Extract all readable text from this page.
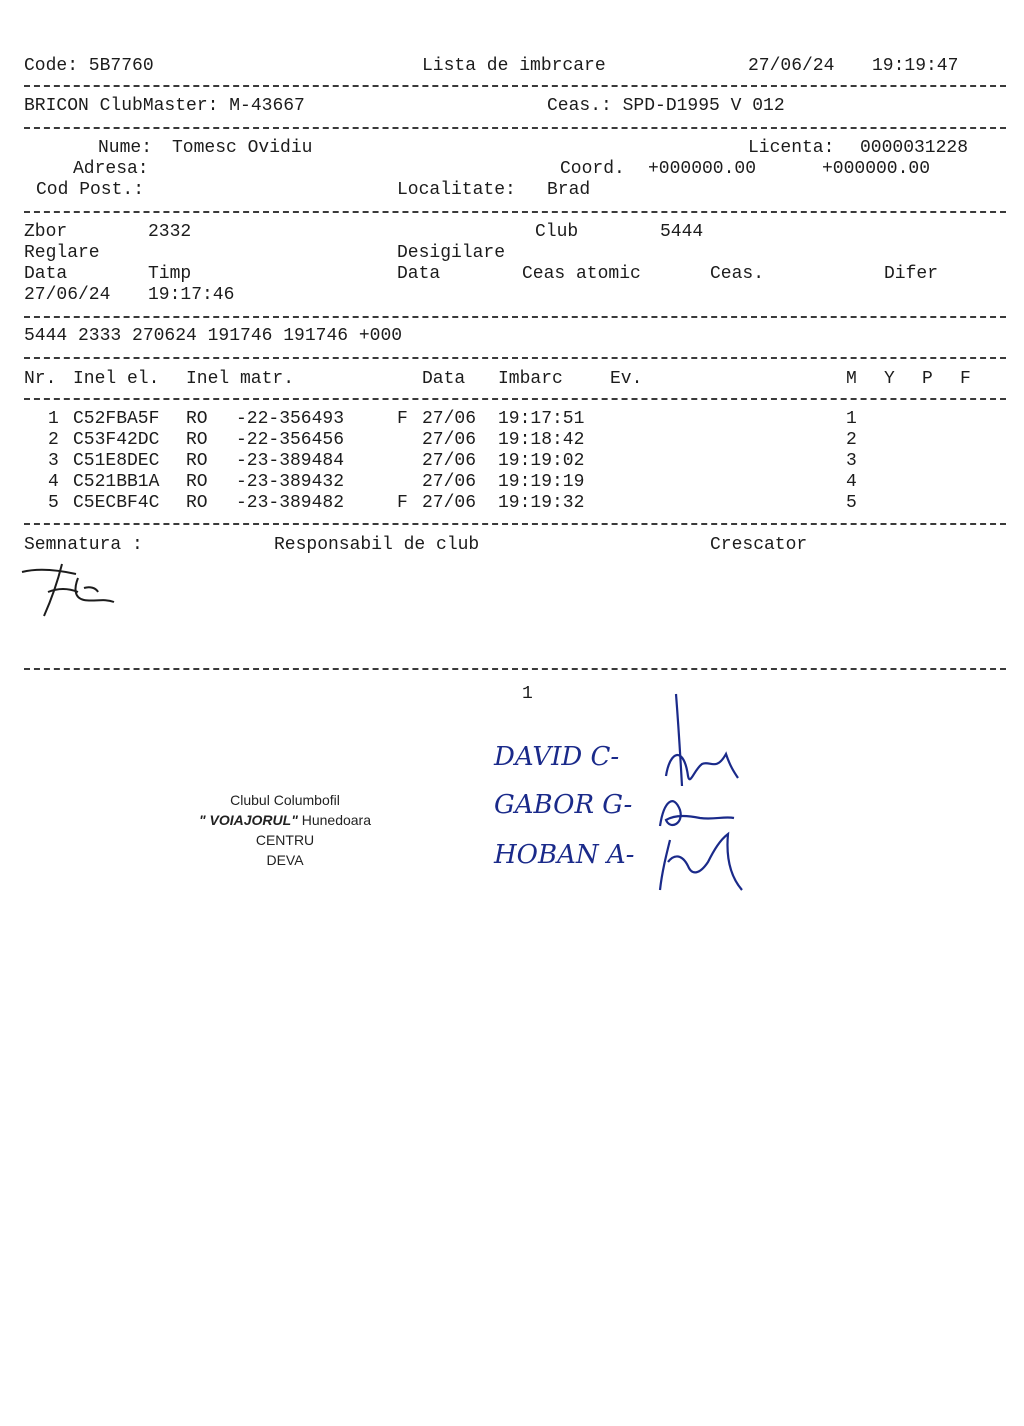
Code: 5B7760	Lista de imbrcare	27/06/24 19:19:47
BRICON ClubMaster: M-43667	Ceas.: SPD-D1995 V 012
Nume: Tomesc Ovidiu	Licenta: 0000031228
Adresa:	Coord. +000000.00	+000000.00
Cod Post.:	Localitate: Brad
Zbor	2332	Club	5444
Reglare	Desigilare
Data	Timp	Data	Ceas atomic	Ceas.	Difer
27/06/24 19:17:46
5444 2333 270624 191746 191746 +000
Nr. Inel el. Inel matr.	Data Imbarc	Ev.	M Y P F
1 C52FBA5F RO -22-356493	F 27/06 19:17:51	1
2 C53F42DC RO -22-356456	27/06 19:18:42	2
3 C51E8DEC RO -23-389484	27/06 19:19:02	3
4 C521BB1A RO -23-389432	27/06 19:19:19	4
5 C5ECBF4C RO -23-389482	F 27/06 19:19:32	5
Semnatura :	Responsabil de club	Crescator
1
Clubul Columbofil
" VOIAJORUL" Hunedoara
CENTRU
DEVA
DAVID C-
GABOR G-
HOBAN A-
